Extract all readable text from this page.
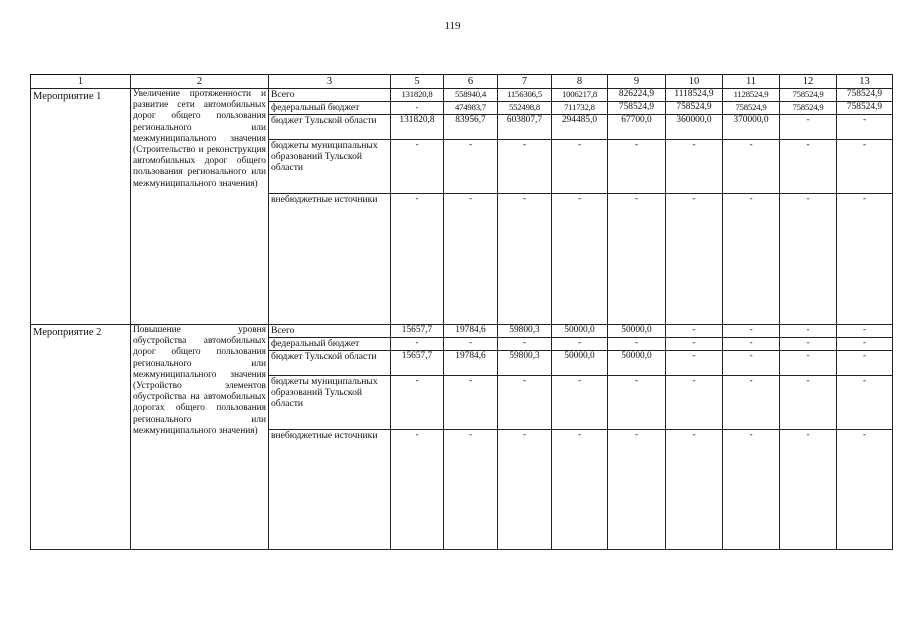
119
1	2	3	5	6	7	8	9	10	11	12	13
Мероприятие 1	Увеличение протяженности и развитие сети автомобильных дорог общего пользования регионального или межмуниципального значения (Строительство и реконструкция автомобильных дорог общего пользования регионального или межмуниципального значения)	Всего	131820,8	558940,4	1156306,5	1006217,8	826224,9	1118524,9	1128524,9	758524,9	758524,9
		федеральный бюджет	-	474983,7	552498,8	711732,8	758524,9	758524,9	758524,9	758524,9	758524,9
		бюджет Тульской области	131820,8	83956,7	603807,7	294485,0	67700,0	360000,0	370000,0	-	-
		бюджеты муниципальных образований Тульской области	-	-	-	-	-	-	-	-	-
		внебюджетные источники	-	-	-	-	-	-	-	-	-
Мероприятие 2	Повышение уровня обустройства автомобильных дорог общего пользования регионального или межмуниципального значения (Устройство элементов обустройства на автомобильных дорогах общего пользования регионального или межмуниципального значения)	Всего	15657,7	19784,6	59800,3	50000,0	50000,0	-	-	-	-
		федеральный бюджет	-	-	-	-	-	-	-	-	-
		бюджет Тульской области	15657,7	19784,6	59800,3	50000,0	50000,0	-	-	-	-
		бюджеты муниципальных образований Тульской области	-	-	-	-	-	-	-	-	-
		внебюджетные источники	-	-	-	-	-	-	-	-	-
